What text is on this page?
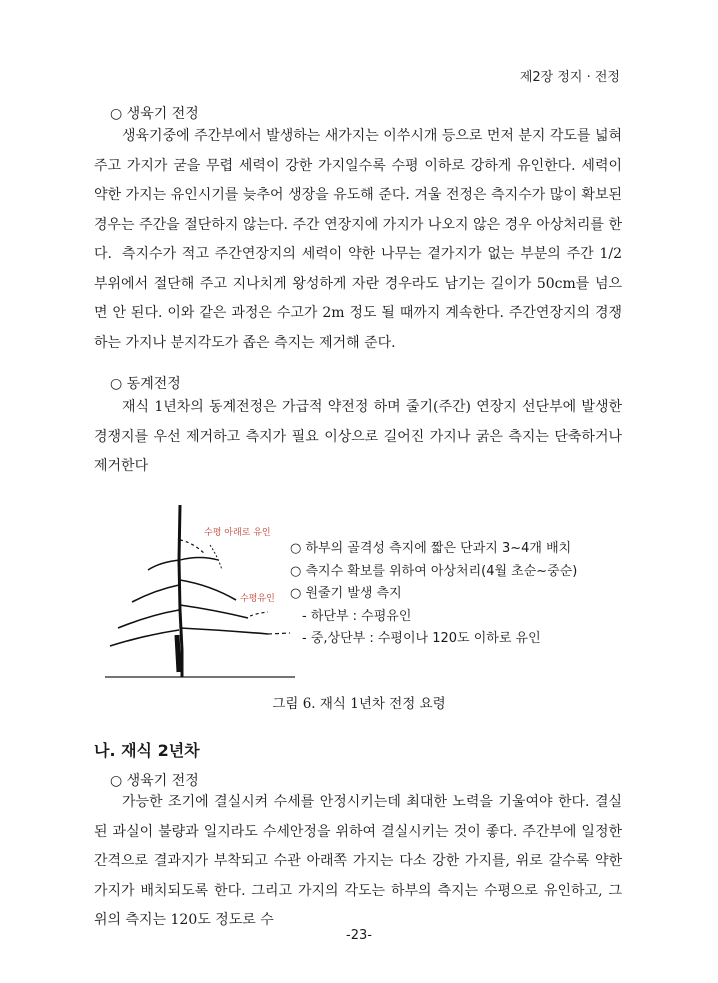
제2장 정지 · 전정
○ 생육기 전정
생육기중에 주간부에서 발생하는 새가지는 이쑤시개 등으로 먼저 분지 각도를 넓혀 주고 가지가 굳을 무렵 세력이 강한 가지일수록 수평 이하로 강하게 유인한다. 세력이 약한 가지는 유인시기를 늦추어 생장을 유도해 준다. 겨울 전정은 측지수가 많이 확보된 경우는 주간을 절단하지 않는다. 주간 연장지에 가지가 나오지 않은 경우 아상처리를 한다. 측지수가 적고 주간연장지의 세력이 약한 나무는 곁가지가 없는 부분의 주간 1/2 부위에서 절단해 주고 지나치게 왕성하게 자란 경우라도 남기는 길이가 50cm를 넘으면 안 된다. 이와 같은 과정은 수고가 2m 정도 될 때까지 계속한다. 주간연장지의 경쟁하는 가지나 분지각도가 좁은 측지는 제거해 준다.
○ 동계전정
재식 1년차의 동계전정은 가급적 약전정 하며 줄기(주간) 연장지 선단부에 발생한 경쟁지를 우선 제거하고 측지가 필요 이상으로 길어진 가지나 굵은 측지는 단축하거나 제거한다
수평 아래로 유인
수평유인
○ 하부의 골격성 측지에 짧은 단과지 3~4개 배치
○ 측지수 확보를 위하여 아상처리(4월 초순~중순)
○ 원줄기 발생 측지
- 하단부 : 수평유인
- 중,상단부 : 수평이나 120도 이하로 유인
그림 6. 재식 1년차 전정 요령
나. 재식 2년차
○ 생육기 전정
가능한 조기에 결실시켜 수세를 안정시키는데 최대한 노력을 기울여야 한다. 결실된 과실이 불량과 일지라도 수세안정을 위하여 결실시키는 것이 좋다. 주간부에 일정한 간격으로 결과지가 부착되고 수관 아래쪽 가지는 다소 강한 가지를, 위로 갈수록 약한 가지가 배치되도록 한다. 그리고 가지의 각도는 하부의 측지는 수평으로 유인하고, 그 위의 측지는 120도 정도로 수
-23-
